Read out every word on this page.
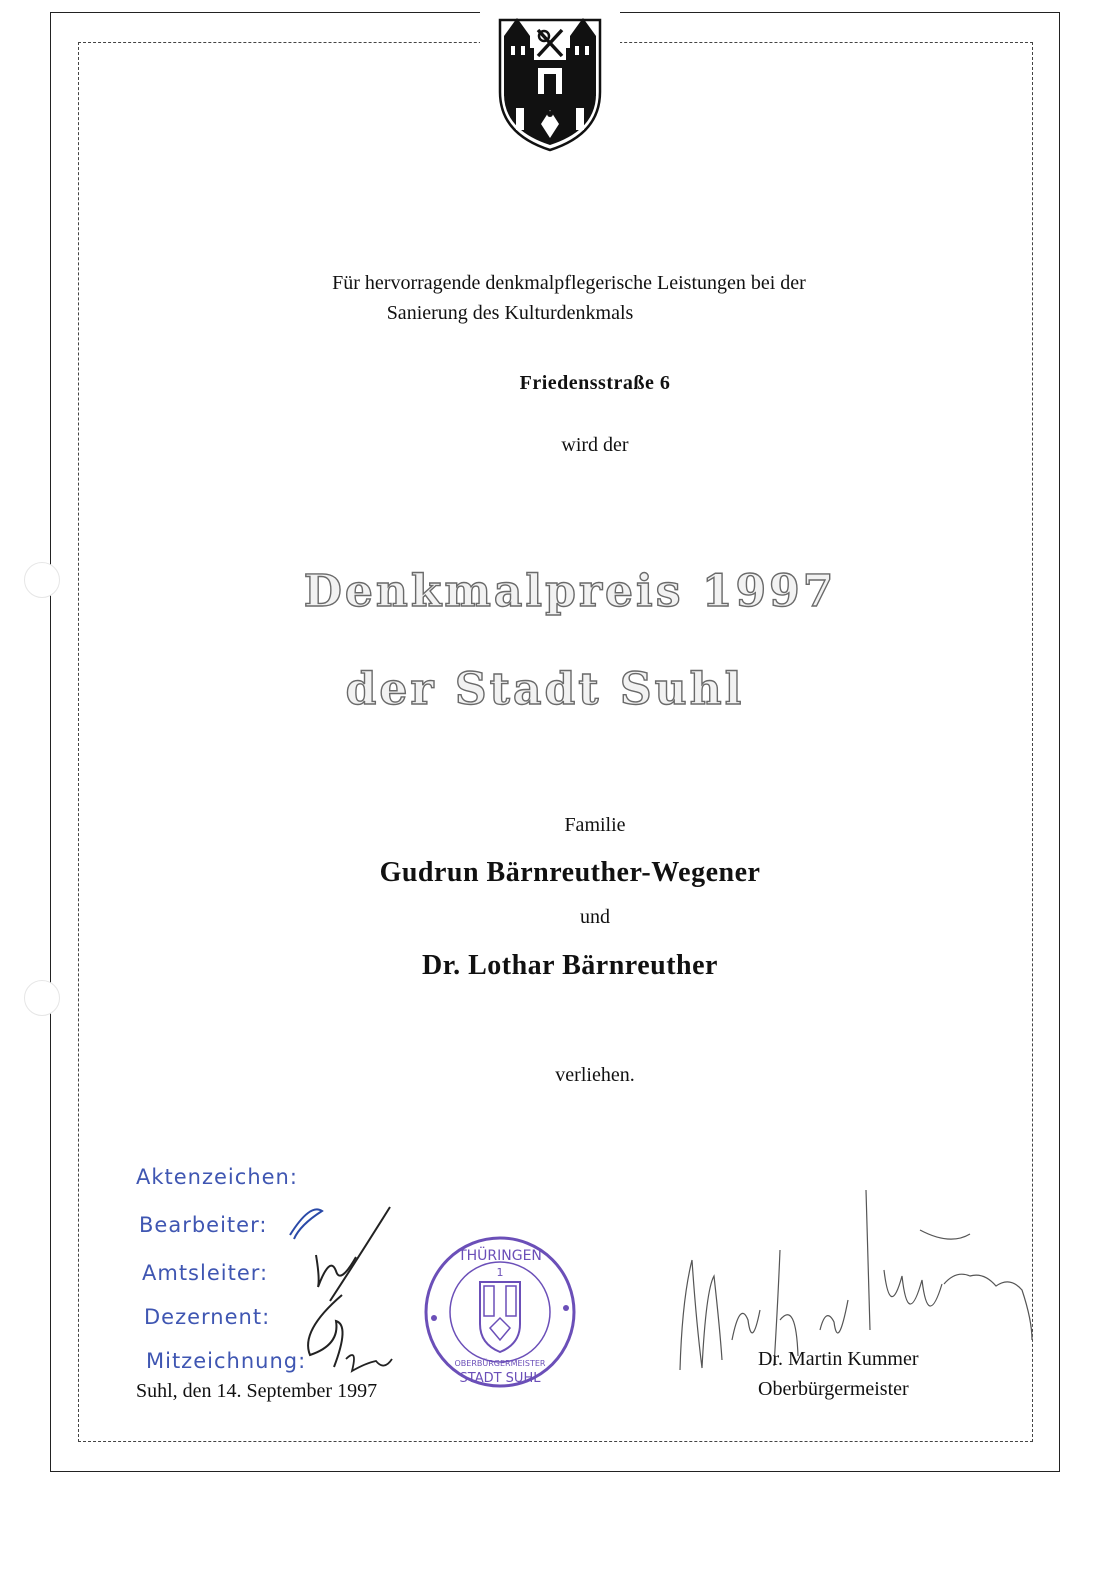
Für hervorragende denkmalpflegerische Leistungen bei der
Sanierung des Kulturdenkmals

Friedensstraße 6

wird der

Denkmalpreis 1997

der Stadt Suhl

Familie

Gudrun Bärnreuther-Wegener

und

Dr. Lothar Bärnreuther

verliehen.

Aktenzeichen:
Bearbeiter:
Amtsleiter:
Dezernent:
Mitzeichnung:
THÜRINGEN
1
OBERBÜRGERMEISTER
STADT SUHL

Suhl, den 14. September 1997

Dr. Martin Kummer

Oberbürgermeister
